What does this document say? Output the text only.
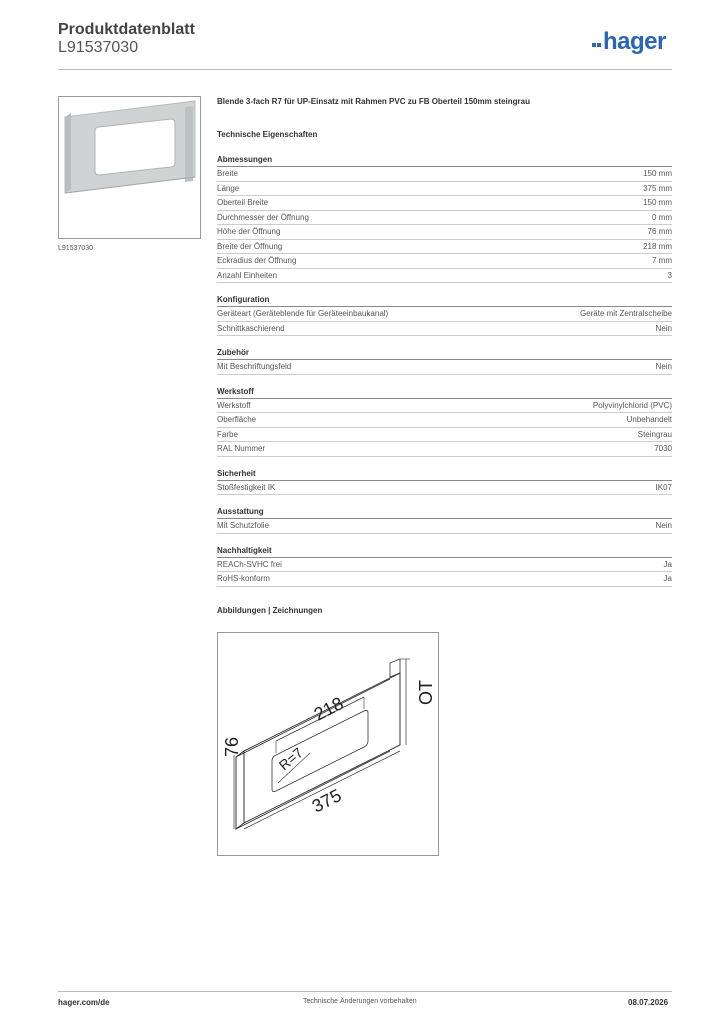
Produktdatenblatt
L91537030	hager
L91537030
Blende 3-fach R7 für UP-Einsatz mit Rahmen PVC zu FB Oberteil 150mm steingrau
Technische Eigenschaften
Abmessungen
Breite	150 mm
Länge	375 mm
Oberteil Breite	150 mm
Durchmesser der Öffnung	0 mm
Höhe der Öffnung	76 mm
Breite der Öffnung	218 mm
Eckradius der Öffnung	7 mm
Anzahl Einheiten	3
Konfiguration
Geräteart (Geräteblende für Geräteeinbaukanal)	Geräte mit Zentralscheibe
Schnittkaschierend	Nein
Zubehör
Mit Beschriftungsfeld	Nein
Werkstoff
Werkstoff	Polyvinylchlorid (PVC)
Oberfläche	Unbehandelt
Farbe	Steingrau
RAL Nummer	7030
Sicherheit
Stoßfestigkeit IK	IK07
Ausstattung
Mit Schutzfolie	Nein
Nachhaltigkeit
REACh-SVHC frei	Ja
RoHS-konform	Ja
Abbildungen | Zeichnungen
218
375
76 R=7
OT
hager.com/de	Technische Änderungen vorbehalten	08.07.2026
